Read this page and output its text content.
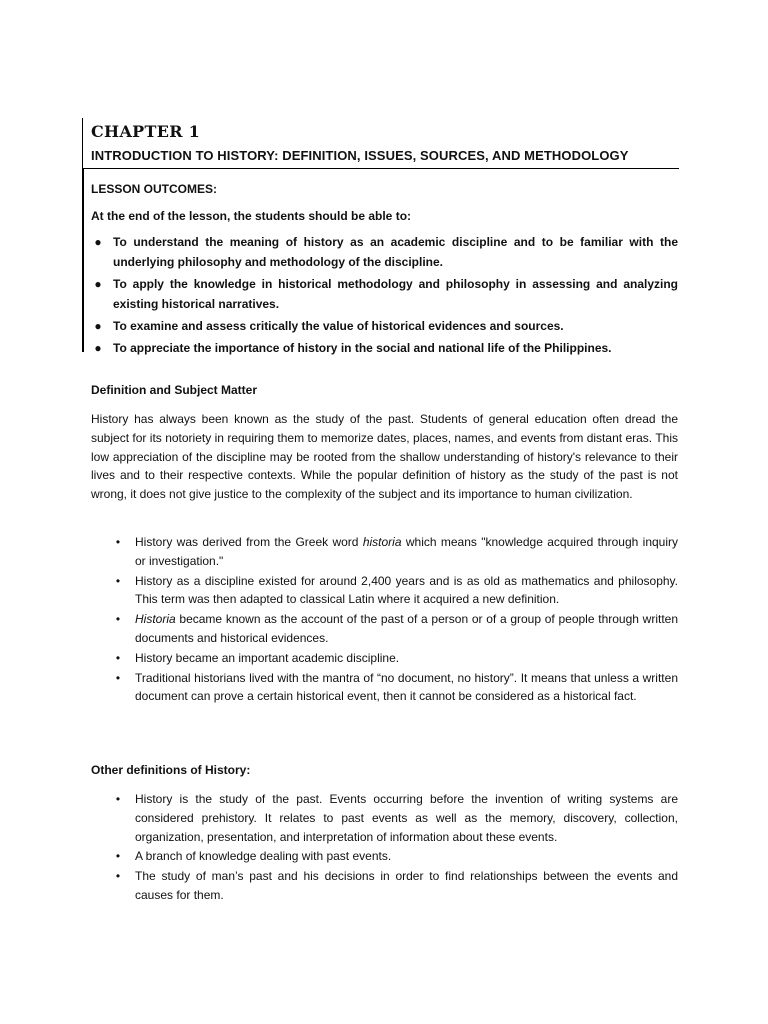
CHAPTER 1
INTRODUCTION TO HISTORY: DEFINITION, ISSUES, SOURCES, AND METHODOLOGY

LESSON OUTCOMES:

At the end of the lesson, the students should be able to:

● To understand the meaning of history as an academic discipline and to be familiar with the underlying philosophy and methodology of the discipline.
● To apply the knowledge in historical methodology and philosophy in assessing and analyzing existing historical narratives.
● To examine and assess critically the value of historical evidences and sources.
● To appreciate the importance of history in the social and national life of the Philippines.
Definition and Subject Matter

History has always been known as the study of the past. Students of general education often dread the subject for its notoriety in requiring them to memorize dates, places, names, and events from distant eras. This low appreciation of the discipline may be rooted from the shallow understanding of history's relevance to their lives and to their respective contexts. While the popular definition of history as the study of the past is not wrong, it does not give justice to the complexity of the subject and its importance to human civilization.

• History was derived from the Greek word historia which means "knowledge acquired through inquiry or investigation."
• History as a discipline existed for around 2,400 years and is as old as mathematics and philosophy. This term was then adapted to classical Latin where it acquired a new definition.
• Historia became known as the account of the past of a person or of a group of people through written documents and historical evidences.
• History became an important academic discipline.
• Traditional historians lived with the mantra of “no document, no history”. It means that unless a written document can prove a certain historical event, then it cannot be considered as a historical fact.
Other definitions of History:
• History is the study of the past. Events occurring before the invention of writing systems are considered prehistory. It relates to past events as well as the memory, discovery, collection, organization, presentation, and interpretation of information about these events.
• A branch of knowledge dealing with past events.
• The study of man’s past and his decisions in order to find relationships between the events and causes for them.
